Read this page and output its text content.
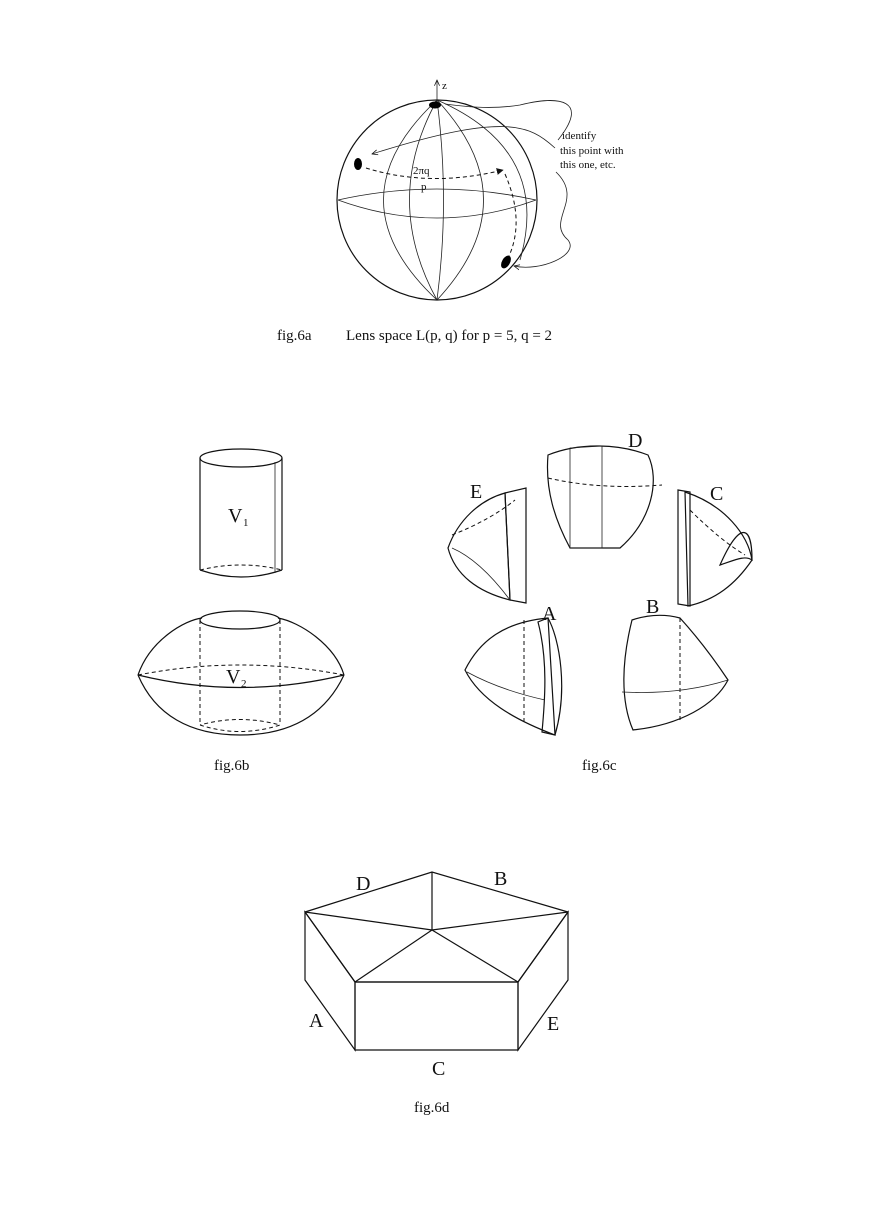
z
2πq
p
identify
this point with
this one, etc.
fig.6a Lens space L(p, q) for p = 5, q = 2
V 1
V 2
fig.6b
D
E	C
A	B
fig.6c
D	B
A	E
C
fig.6d
